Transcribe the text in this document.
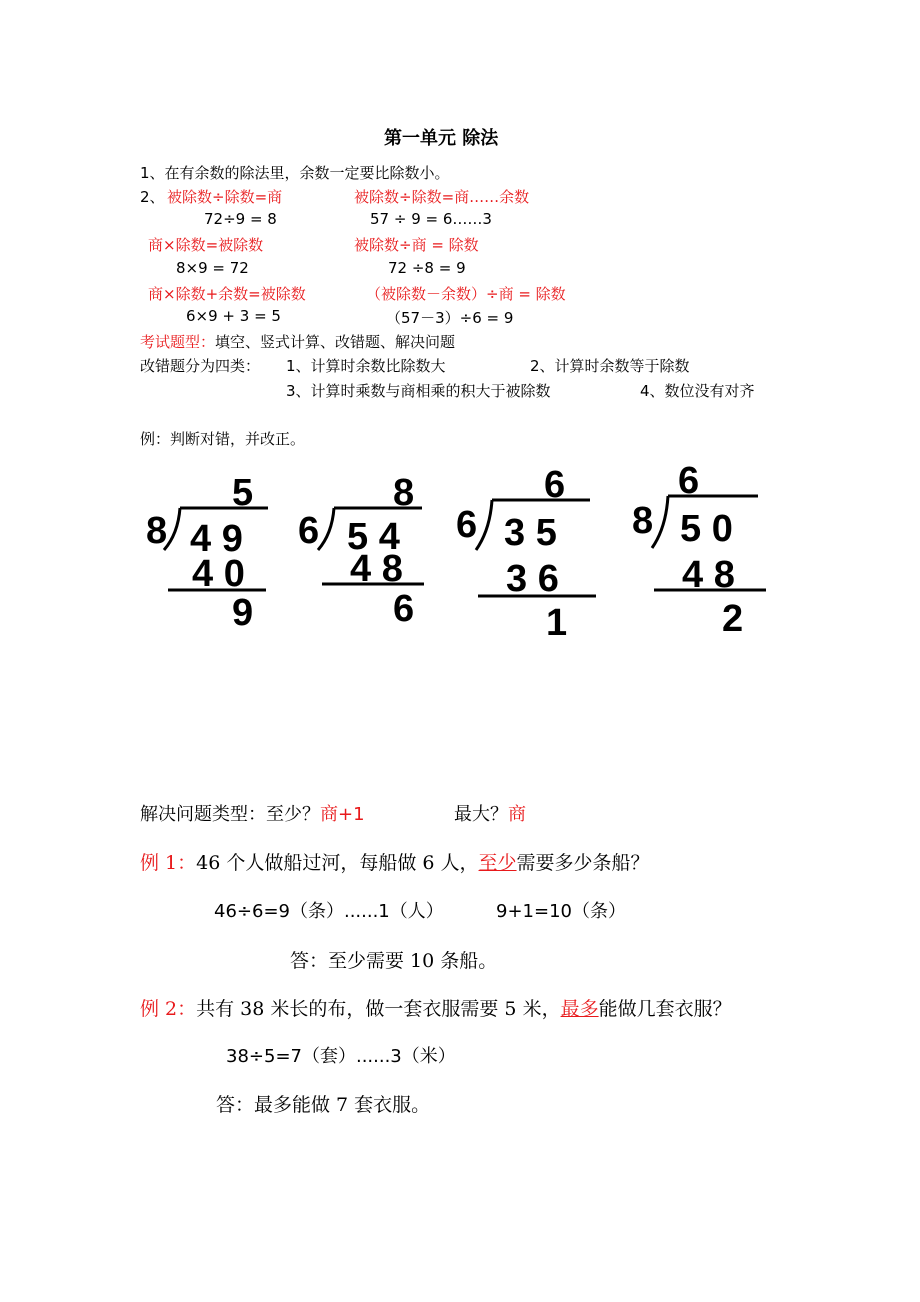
第一单元 除法
1、在有余数的除法里，余数一定要比除数小。
2、 被除数÷除数=商	被除数÷除数=商……余数
72÷9 = 8	57 ÷ 9 = 6……3
商×除数=被除数	被除数÷商 = 除数
8×9 = 72	72 ÷8 = 9
商×除数+余数=被除数	（被除数－余数）÷商 = 除数
6×9 + 3 = 5	（57－3）÷6 = 9
考试题型：填空、竖式计算、改错题、解决问题
改错题分为四类： 1、计算时余数比除数大	2、计算时余数等于除数
3、计算时乘数与商相乘的积大于被除数	4、数位没有对齐
例：判断对错，并改正。
5
8 4 9
4 0
9
8
6 5 4
4 8
6
6
6 3 5
3 6
1
6
8 5 0
4 8
2
解决问题类型：至少？商+1	最大？商
例 1：46 个人做船过河，每船做 6 人，至少需要多少条船？
46÷6=9（条）......1（人）	9+1=10（条）
答：至少需要 10 条船。
例 2：共有 38 米长的布，做一套衣服需要 5 米，最多能做几套衣服？
38÷5=7（套）......3（米）
答：最多能做 7 套衣服。
